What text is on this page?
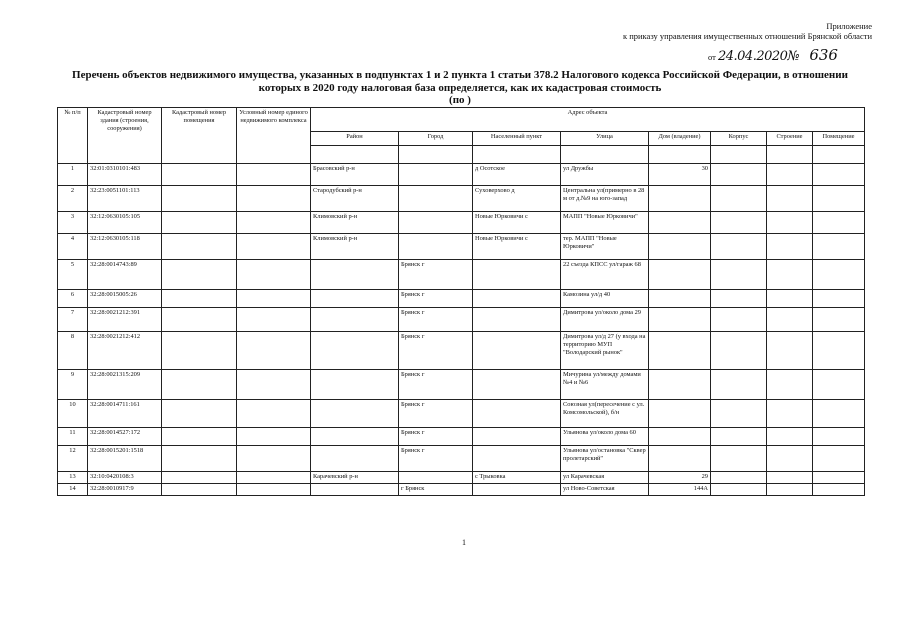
Приложение
к приказу управления имущественных отношений Брянской области
от 24.04.2020№ 636
Перечень объектов недвижимого имущества, указанных в подпунктах 1 и 2 пункта 1 статьи 378.2 Налогового кодекса Российской Федерации, в отношении
которых в 2020 году налоговая база определяется, как их кадастровая стоимость
(по )
№ п/п	Кадастровый номер здания (строения, сооружения)	Кадастровый номер помещения	Условный номер единого недвижимого комплекса	Адрес объекта							
				Район	Город	Населенный пункт	Улица	Дом (владение)	Корпус	Строение	Помещение

1	32:01:0310101:483			Брасовский р-н		д Осотское	ул Дружбы	30			
2	32:23:0051101:113			Стародубский р-н		Суховерхово д	Центральна ул(примерно в 28 м от д.№9 на юго-запад				
3	32:12:0630105:105			Климовский р-н		Новые Юрковичи с	МАПП "Новые Юрковичи"				
4	32:12:0630105:118			Климовский р-н		Новые Юрковичи с	тер. МАПП "Новые Юрковичи"				
5	32:28:0014743:89				Брянск г		22 съезда КПСС ул/гараж 68				
6	32:28:0015005:26				Брянск г		Камозина ул/д 40				
7	32:28:0021212:391				Брянск г		Димитрова ул/около дома 29				
8	32:28:0021212:412				Брянск г		Димитрова ул/д 27 (у входа на территорию МУП "Володарский рынок"				
9	32:28:0021315:209				Брянск г		Мичурина ул/между домами №4 и №6				
10	32:28:0014711:161				Брянск г		Союзная ул(пересечение с ул. Комсомольской), б/н				
11	32:28:0014527:172				Брянск г		Ульянова ул/около дома 60				
12	32:28:0015201:1518				Брянск г		Ульянова ул/остановка "Сквер пролетарский"				
13	32:10:0420108:3			Карачевский р-н		с Трыковка	ул Карачевская	29			
14	32:28:0010917:9				г Брянск		ул Ново-Советская	144А			
1
